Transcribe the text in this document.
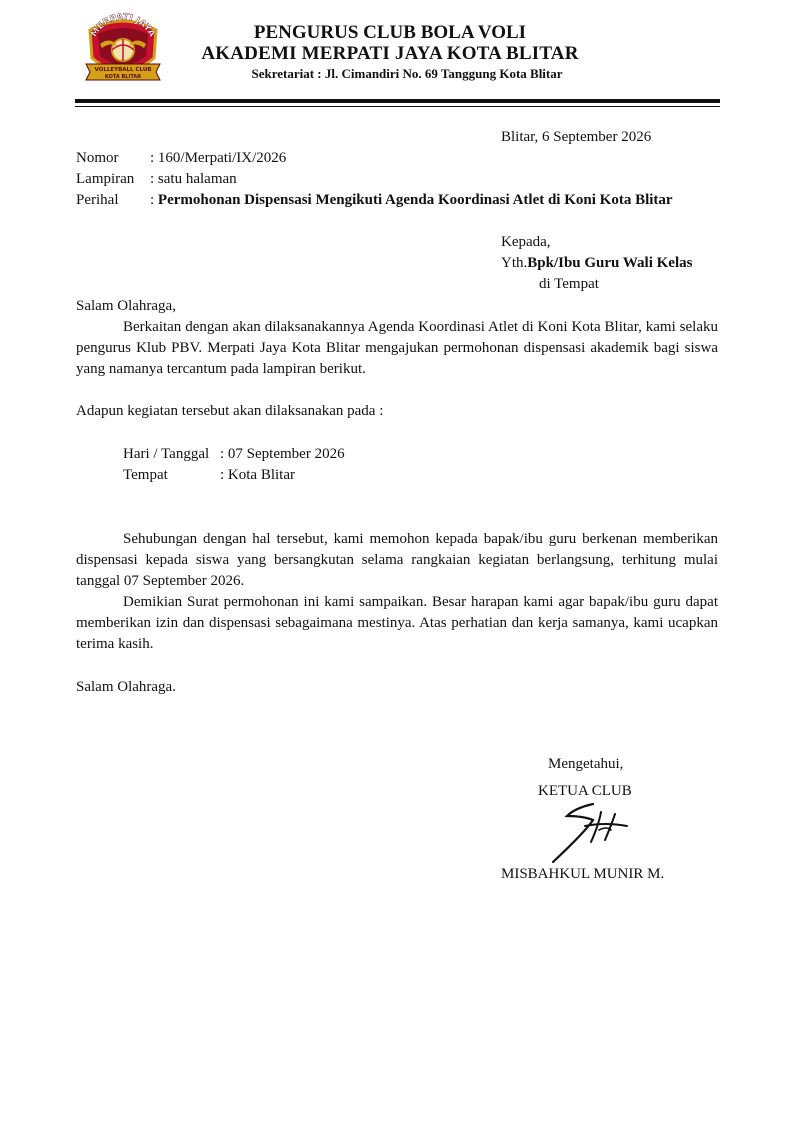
MERPATI JAYA
VOLLEYBALL CLUB
KOTA BLITAR
PENGURUS CLUB BOLA VOLI
AKADEMI MERPATI JAYA KOTA BLITAR
Sekretariat : Jl. Cimandiri No. 69 Tanggung Kota Blitar
Blitar, 6 September 2026
Nomor : 160/Merpati/IX/2026
Lampiran : satu halaman
Perihal : Permohonan Dispensasi Mengikuti Agenda Koordinasi Atlet di Koni Kota Blitar
Kepada,
Yth.Bpk/Ibu Guru Wali Kelas
di Tempat
Salam Olahraga,
Berkaitan dengan akan dilaksanakannya Agenda Koordinasi Atlet di Koni Kota Blitar, kami selaku pengurus Klub PBV. Merpati Jaya Kota Blitar mengajukan permohonan dispensasi akademik bagi siswa yang namanya tercantum pada lampiran berikut.
Adapun kegiatan tersebut akan dilaksanakan pada :
Hari / Tanggal : 07 September 2026
Tempat	: Kota Blitar
Sehubungan dengan hal tersebut, kami memohon kepada bapak/ibu guru berkenan memberikan dispensasi kepada siswa yang bersangkutan selama rangkaian kegiatan berlangsung, terhitung mulai tanggal 07 September 2026.
Demikian Surat permohonan ini kami sampaikan. Besar harapan kami agar bapak/ibu guru dapat memberikan izin dan dispensasi sebagaimana mestinya. Atas perhatian dan kerja samanya, kami ucapkan terima kasih.
Salam Olahraga.
Mengetahui,
KETUA CLUB
MISBAHKUL MUNIR M.
